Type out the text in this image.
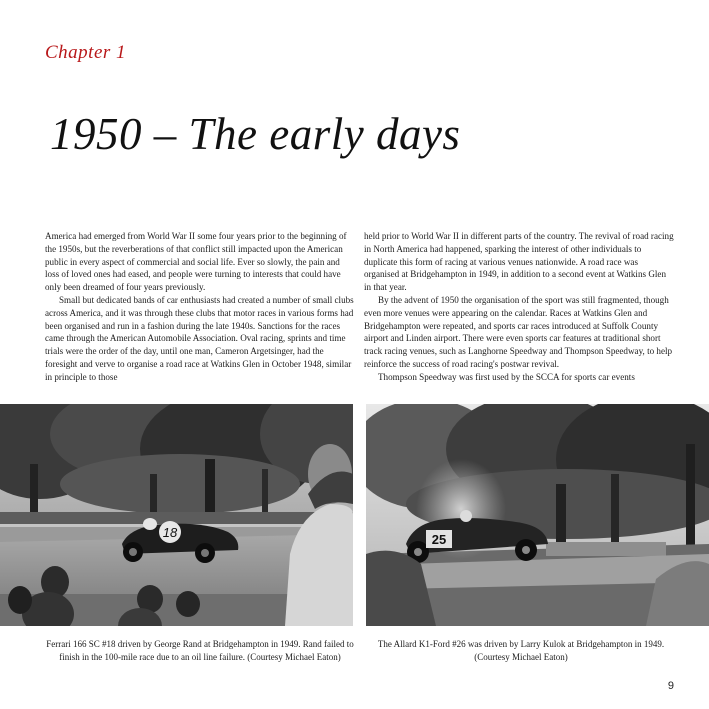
Chapter 1
1950 – The early days

America had emerged from World War II some four years prior to the beginning of the 1950s, but the reverberations of that conflict still impacted upon the American public in every aspect of commercial and social life. Ever so slowly, the pain and loss of loved ones had eased, and people were turning to interests that could have only been dreamed of four years previously.

Small but dedicated bands of car enthusiasts had created a number of small clubs across America, and it was through these clubs that motor races in various forms had been organised and run in a fashion during the late 1940s. Sanctions for the races came through the American Automobile Association. Oval racing, sprints and time trials were the order of the day, until one man, Cameron Argetsinger, had the foresight and verve to organise a road race at Watkins Glen in October 1948, similar in principle to those

held prior to World War II in different parts of the country. The revival of road racing in North America had happened, sparking the interest of other individuals to duplicate this form of racing at various venues nationwide. A road race was organised at Bridgehampton in 1949, in addition to a second event at Watkins Glen in that year.

By the advent of 1950 the organisation of the sport was still fragmented, though even more venues were appearing on the calendar. Races at Watkins Glen and Bridgehampton were repeated, and sports car races introduced at Suffolk County airport and Linden airport. There were even sports car features at traditional short track racing venues, such as Langhorne Speedway and Thompson Speedway, to help reinforce the success of road racing's postwar revival.

Thompson Speedway was first used by the SCCA for sports car events

18	25
Ferrari 166 SC #18 driven by George Rand at Bridgehampton in 1949. Rand failed to finish in the 100-mile race due to an oil line failure. (Courtesy Michael Eaton)
The Allard K1-Ford #26 was driven by Larry Kulok at Bridgehampton in 1949. (Courtesy Michael Eaton)
9
